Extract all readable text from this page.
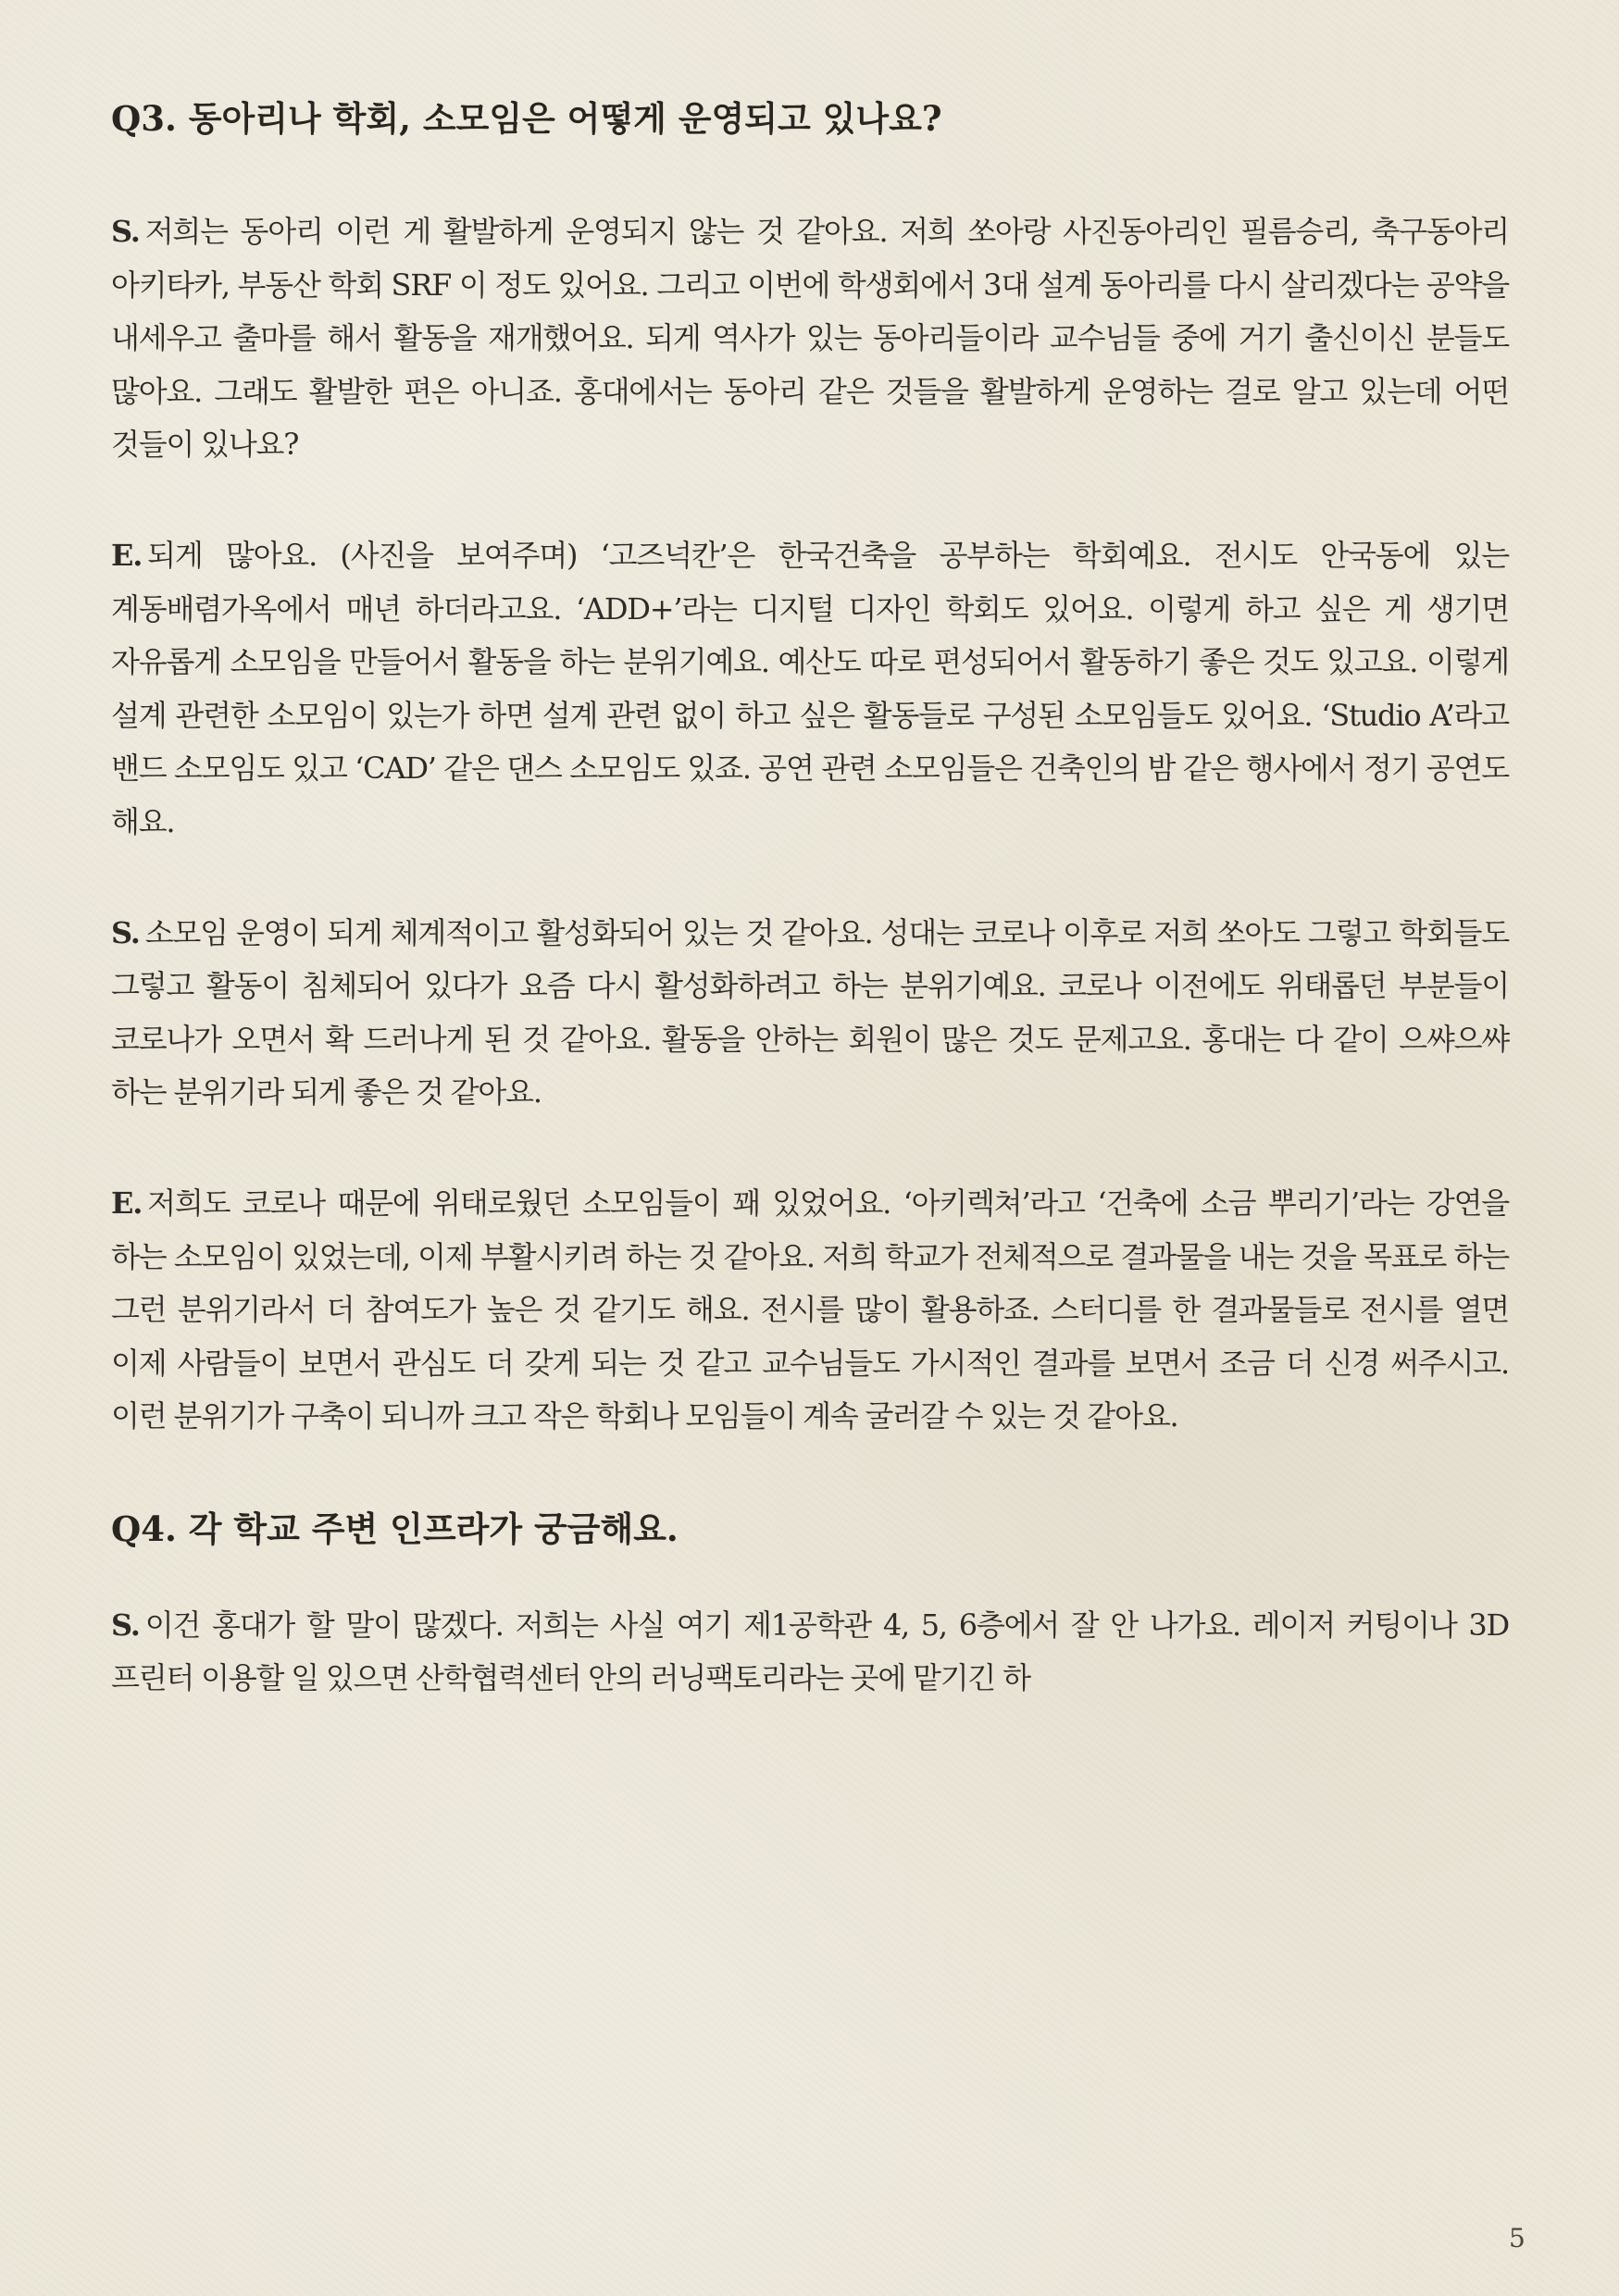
Q3. 동아리나 학회, 소모임은 어떻게 운영되고 있나요?

S. 저희는 동아리 이런 게 활발하게 운영되지 않는 것 같아요. 저희 쏘아랑 사진동아리인 필름승리, 축구동아리 아키타카, 부동산 학회 SRF 이 정도 있어요. 그리고 이번에 학생회에서 3대 설계 동아리를 다시 살리겠다는 공약을 내세우고 출마를 해서 활동을 재개했어요. 되게 역사가 있는 동아리들이라 교수님들 중에 거기 출신이신 분들도 많아요. 그래도 활발한 편은 아니죠. 홍대에서는 동아리 같은 것들을 활발하게 운영하는 걸로 알고 있는데 어떤 것들이 있나요?

E. 되게 많아요. (사진을 보여주며) ‘고즈넉칸’은 한국건축을 공부하는 학회예요. 전시도 안국동에 있는 계동배렴가옥에서 매년 하더라고요. ‘ADD+’라는 디지털 디자인 학회도 있어요. 이렇게 하고 싶은 게 생기면 자유롭게 소모임을 만들어서 활동을 하는 분위기예요. 예산도 따로 편성되어서 활동하기 좋은 것도 있고요. 이렇게 설계 관련한 소모임이 있는가 하면 설계 관련 없이 하고 싶은 활동들로 구성된 소모임들도 있어요. ‘Studio A’라고 밴드 소모임도 있고 ‘CAD’ 같은 댄스 소모임도 있죠. 공연 관련 소모임들은 건축인의 밤 같은 행사에서 정기 공연도 해요.

S. 소모임 운영이 되게 체계적이고 활성화되어 있는 것 같아요. 성대는 코로나 이후로 저희 쏘아도 그렇고 학회들도 그렇고 활동이 침체되어 있다가 요즘 다시 활성화하려고 하는 분위기예요. 코로나 이전에도 위태롭던 부분들이 코로나가 오면서 확 드러나게 된 것 같아요. 활동을 안하는 회원이 많은 것도 문제고요. 홍대는 다 같이 으쌰으쌰 하는 분위기라 되게 좋은 것 같아요.

E. 저희도 코로나 때문에 위태로웠던 소모임들이 꽤 있었어요. ‘아키렉쳐’라고 ‘건축에 소금 뿌리기’라는 강연을 하는 소모임이 있었는데, 이제 부활시키려 하는 것 같아요. 저희 학교가 전체적으로 결과물을 내는 것을 목표로 하는 그런 분위기라서 더 참여도가 높은 것 같기도 해요. 전시를 많이 활용하죠. 스터디를 한 결과물들로 전시를 열면 이제 사람들이 보면서 관심도 더 갖게 되는 것 같고 교수님들도 가시적인 결과를 보면서 조금 더 신경 써주시고. 이런 분위기가 구축이 되니까 크고 작은 학회나 모임들이 계속 굴러갈 수 있는 것 같아요.

Q4. 각 학교 주변 인프라가 궁금해요.

S. 이건 홍대가 할 말이 많겠다. 저희는 사실 여기 제1공학관 4, 5, 6층에서 잘 안 나가요. 레이저 커팅이나 3D 프린터 이용할 일 있으면 산학협력센터 안의 러닝팩토리라는 곳에 맡기긴 하

5
